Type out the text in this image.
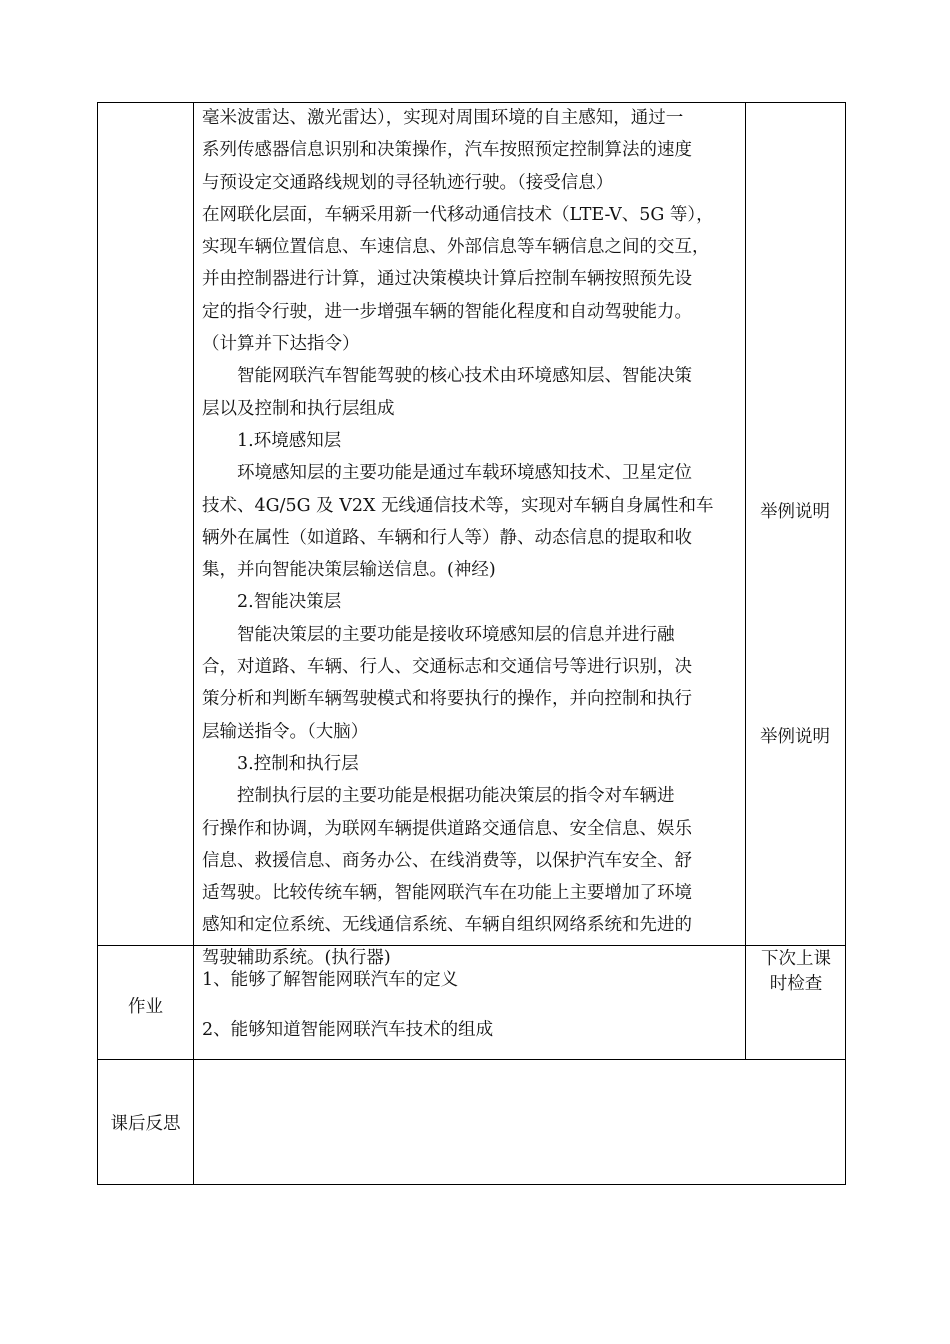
毫米波雷达、激光雷达），实现对周围环境的自主感知，通过一
系列传感器信息识别和决策操作，汽车按照预定控制算法的速度
与预设定交通路线规划的寻径轨迹行驶。（接受信息）
在网联化层面，车辆采用新一代移动通信技术（LTE-V、5G 等），
实现车辆位置信息、车速信息、外部信息等车辆信息之间的交互，
并由控制器进行计算，通过决策模块计算后控制车辆按照预先设
定的指令行驶，进一步增强车辆的智能化程度和自动驾驶能力。
（计算并下达指令）
　　智能网联汽车智能驾驶的核心技术由环境感知层、智能决策
层以及控制和执行层组成
　　1.环境感知层
　　环境感知层的主要功能是通过车载环境感知技术、卫星定位
技术、4G/5G 及 V2X 无线通信技术等，实现对车辆自身属性和车
辆外在属性（如道路、车辆和行人等）静、动态信息的提取和收
集，并向智能决策层输送信息。(神经)
　　2.智能决策层
　　智能决策层的主要功能是接收环境感知层的信息并进行融
合，对道路、车辆、行人、交通标志和交通信号等进行识别，决
策分析和判断车辆驾驶模式和将要执行的操作，并向控制和执行
层输送指令。（大脑）
　　3.控制和执行层
　　控制执行层的主要功能是根据功能决策层的指令对车辆进
行操作和协调，为联网车辆提供道路交通信息、安全信息、娱乐
信息、救援信息、商务办公、在线消费等，以保护汽车安全、舒
适驾驶。比较传统车辆，智能网联汽车在功能上主要增加了环境
感知和定位系统、无线通信系统、车辆自组织网络系统和先进的
驾驶辅助系统。(执行器)
举例说明
举例说明
作业
1、能够了解智能网联汽车的定义
2、能够知道智能网联汽车技术的组成
下次上课时检查
课后反思
